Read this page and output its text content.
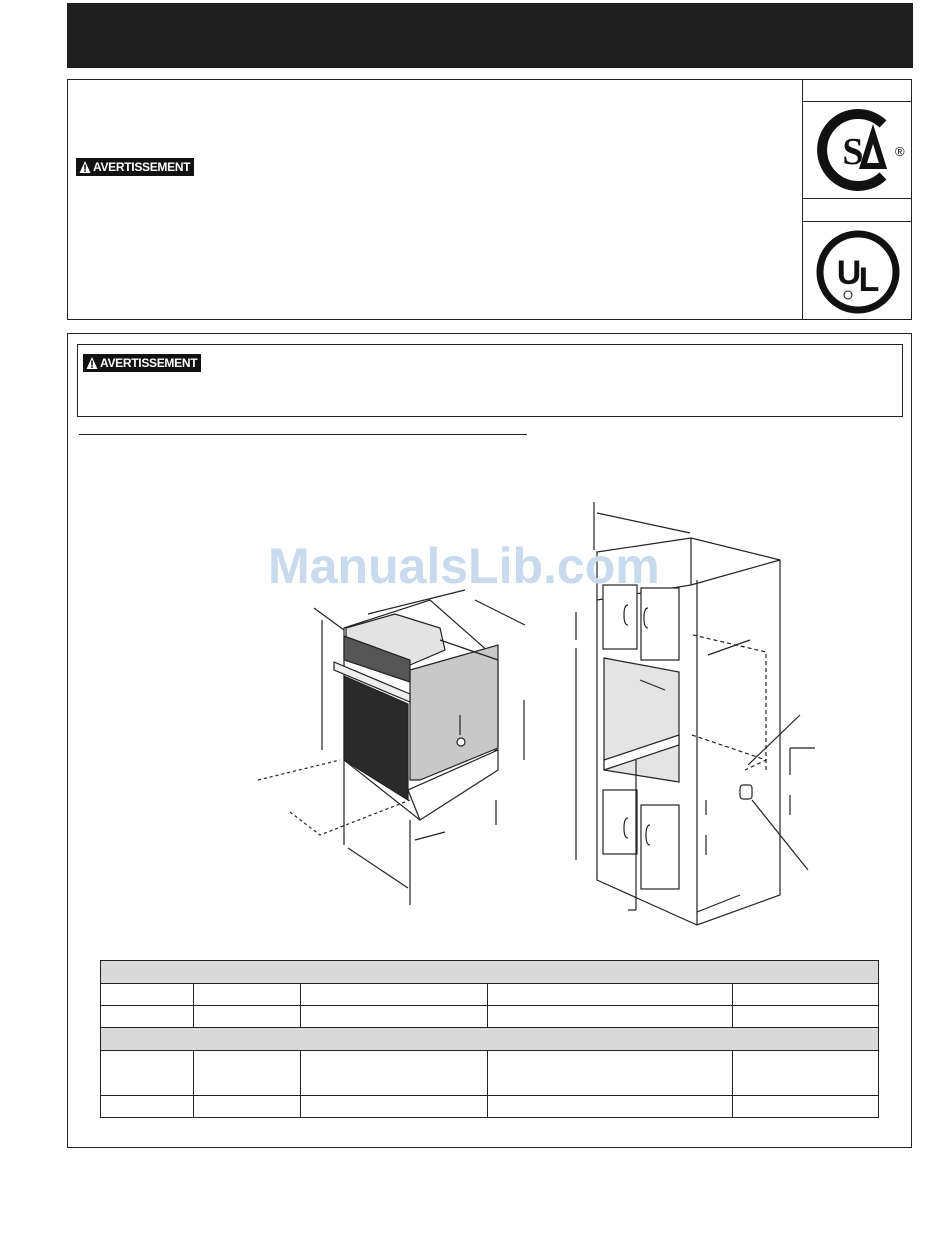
AVERTISSEMENT	S ®
U
L
AVERTISSEMENT
ManualsLib.com
